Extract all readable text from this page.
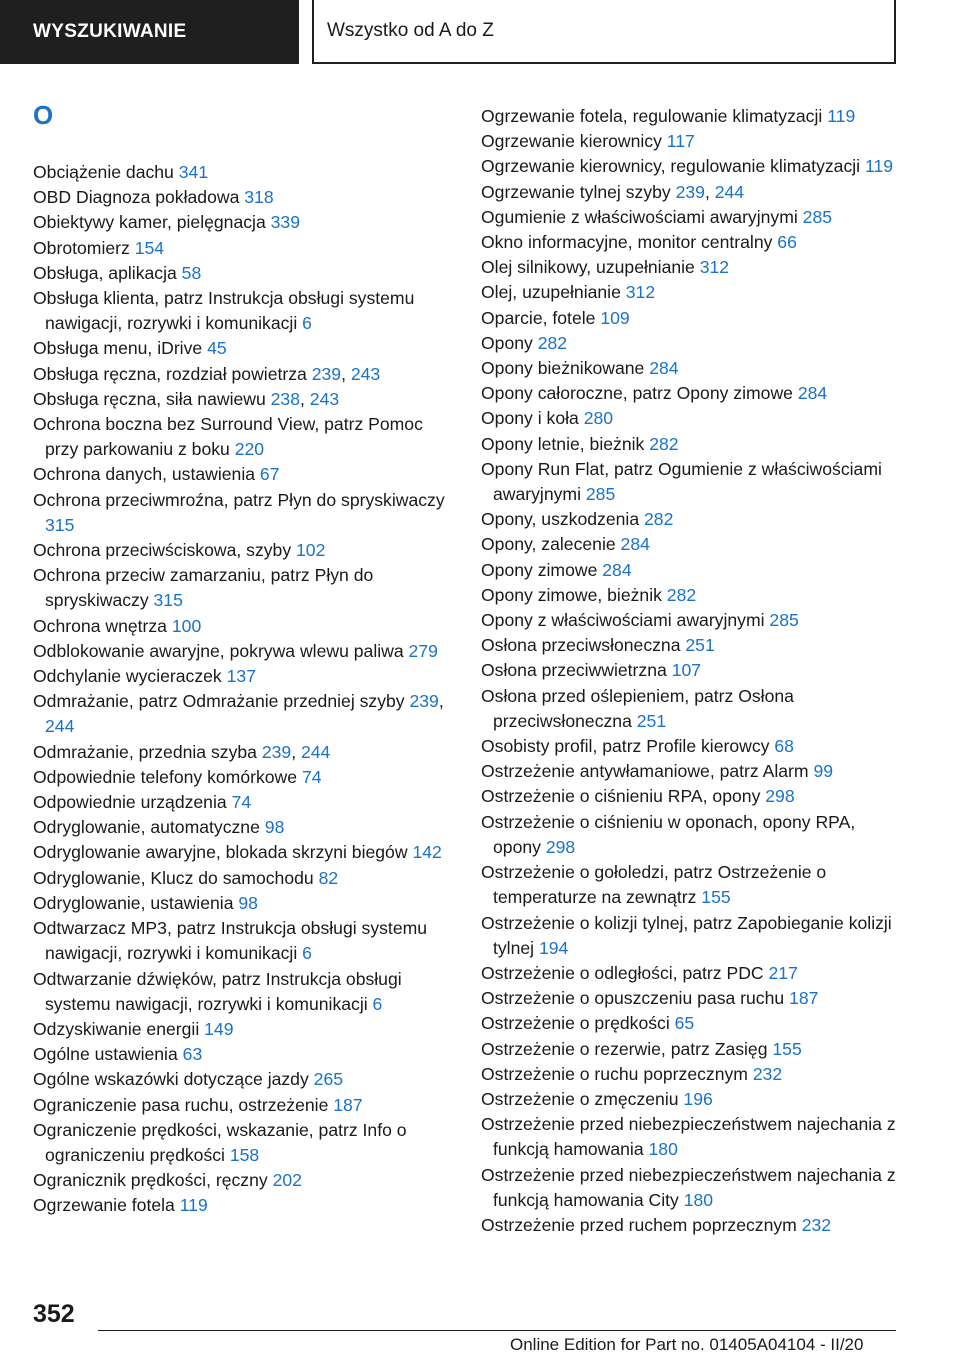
WYSZUKIWANIE	Wszystko od A do Z
O
Obciążenie dachu 341
OBD Diagnoza pokładowa 318
Obiektywy kamer, pielęgnacja 339
Obrotomierz 154
Obsługa, aplikacja 58
Obsługa klienta, patrz Instrukcja obsługi systemu nawigacji, rozrywki i komunikacji 6
Obsługa menu, iDrive 45
Obsługa ręczna, rozdział powietrza 239, 243
Obsługa ręczna, siła nawiewu 238, 243
Ochrona boczna bez Surround View, patrz Pomoc przy parkowaniu z boku 220
Ochrona danych, ustawienia 67
Ochrona przeciwmroźna, patrz Płyn do spryskiwaczy 315
Ochrona przeciwściskowa, szyby 102
Ochrona przeciw zamarzaniu, patrz Płyn do spryskiwaczy 315
Ochrona wnętrza 100
Odblokowanie awaryjne, pokrywa wlewu paliwa 279
Odchylanie wycieraczek 137
Odmrażanie, patrz Odmrażanie przedniej szyby 239, 244
Odmrażanie, przednia szyba 239, 244
Odpowiednie telefony komórkowe 74
Odpowiednie urządzenia 74
Odryglowanie, automatyczne 98
Odryglowanie awaryjne, blokada skrzyni biegów 142
Odryglowanie, Klucz do samochodu 82
Odryglowanie, ustawienia 98
Odtwarzacz MP3, patrz Instrukcja obsługi systemu nawigacji, rozrywki i komunikacji 6
Odtwarzanie dźwięków, patrz Instrukcja obsługi systemu nawigacji, rozrywki i komunikacji 6
Odzyskiwanie energii 149
Ogólne ustawienia 63
Ogólne wskazówki dotyczące jazdy 265
Ograniczenie pasa ruchu, ostrzeżenie 187
Ograniczenie prędkości, wskazanie, patrz Info o ograniczeniu prędkości 158
Ogranicznik prędkości, ręczny 202
Ogrzewanie fotela 119
Ogrzewanie fotela, regulowanie klimatyzacji 119
Ogrzewanie kierownicy 117
Ogrzewanie kierownicy, regulowanie klimatyzacji 119
Ogrzewanie tylnej szyby 239, 244
Ogumienie z właściwościami awaryjnymi 285
Okno informacyjne, monitor centralny 66
Olej silnikowy, uzupełnianie 312
Olej, uzupełnianie 312
Oparcie, fotele 109
Opony 282
Opony bieżnikowane 284
Opony całoroczne, patrz Opony zimowe 284
Opony i koła 280
Opony letnie, bieżnik 282
Opony Run Flat, patrz Ogumienie z właściwościami awaryjnymi 285
Opony, uszkodzenia 282
Opony, zalecenie 284
Opony zimowe 284
Opony zimowe, bieżnik 282
Opony z właściwościami awaryjnymi 285
Osłona przeciwsłoneczna 251
Osłona przeciwwietrzna 107
Osłona przed oślepieniem, patrz Osłona przeciwsłoneczna 251
Osobisty profil, patrz Profile kierowcy 68
Ostrzeżenie antywłamaniowe, patrz Alarm 99
Ostrzeżenie o ciśnieniu RPA, opony 298
Ostrzeżenie o ciśnieniu w oponach, opony RPA, opony 298
Ostrzeżenie o gołoledzi, patrz Ostrzeżenie o temperaturze na zewnątrz 155
Ostrzeżenie o kolizji tylnej, patrz Zapobieganie kolizji tylnej 194
Ostrzeżenie o odległości, patrz PDC 217
Ostrzeżenie o opuszczeniu pasa ruchu 187
Ostrzeżenie o prędkości 65
Ostrzeżenie o rezerwie, patrz Zasięg 155
Ostrzeżenie o ruchu poprzecznym 232
Ostrzeżenie o zmęczeniu 196
Ostrzeżenie przed niebezpieczeństwem najechania z funkcją hamowania 180
Ostrzeżenie przed niebezpieczeństwem najechania z funkcją hamowania City 180
Ostrzeżenie przed ruchem poprzecznym 232
352
Online Edition for Part no. 01405A04104 - II/20
